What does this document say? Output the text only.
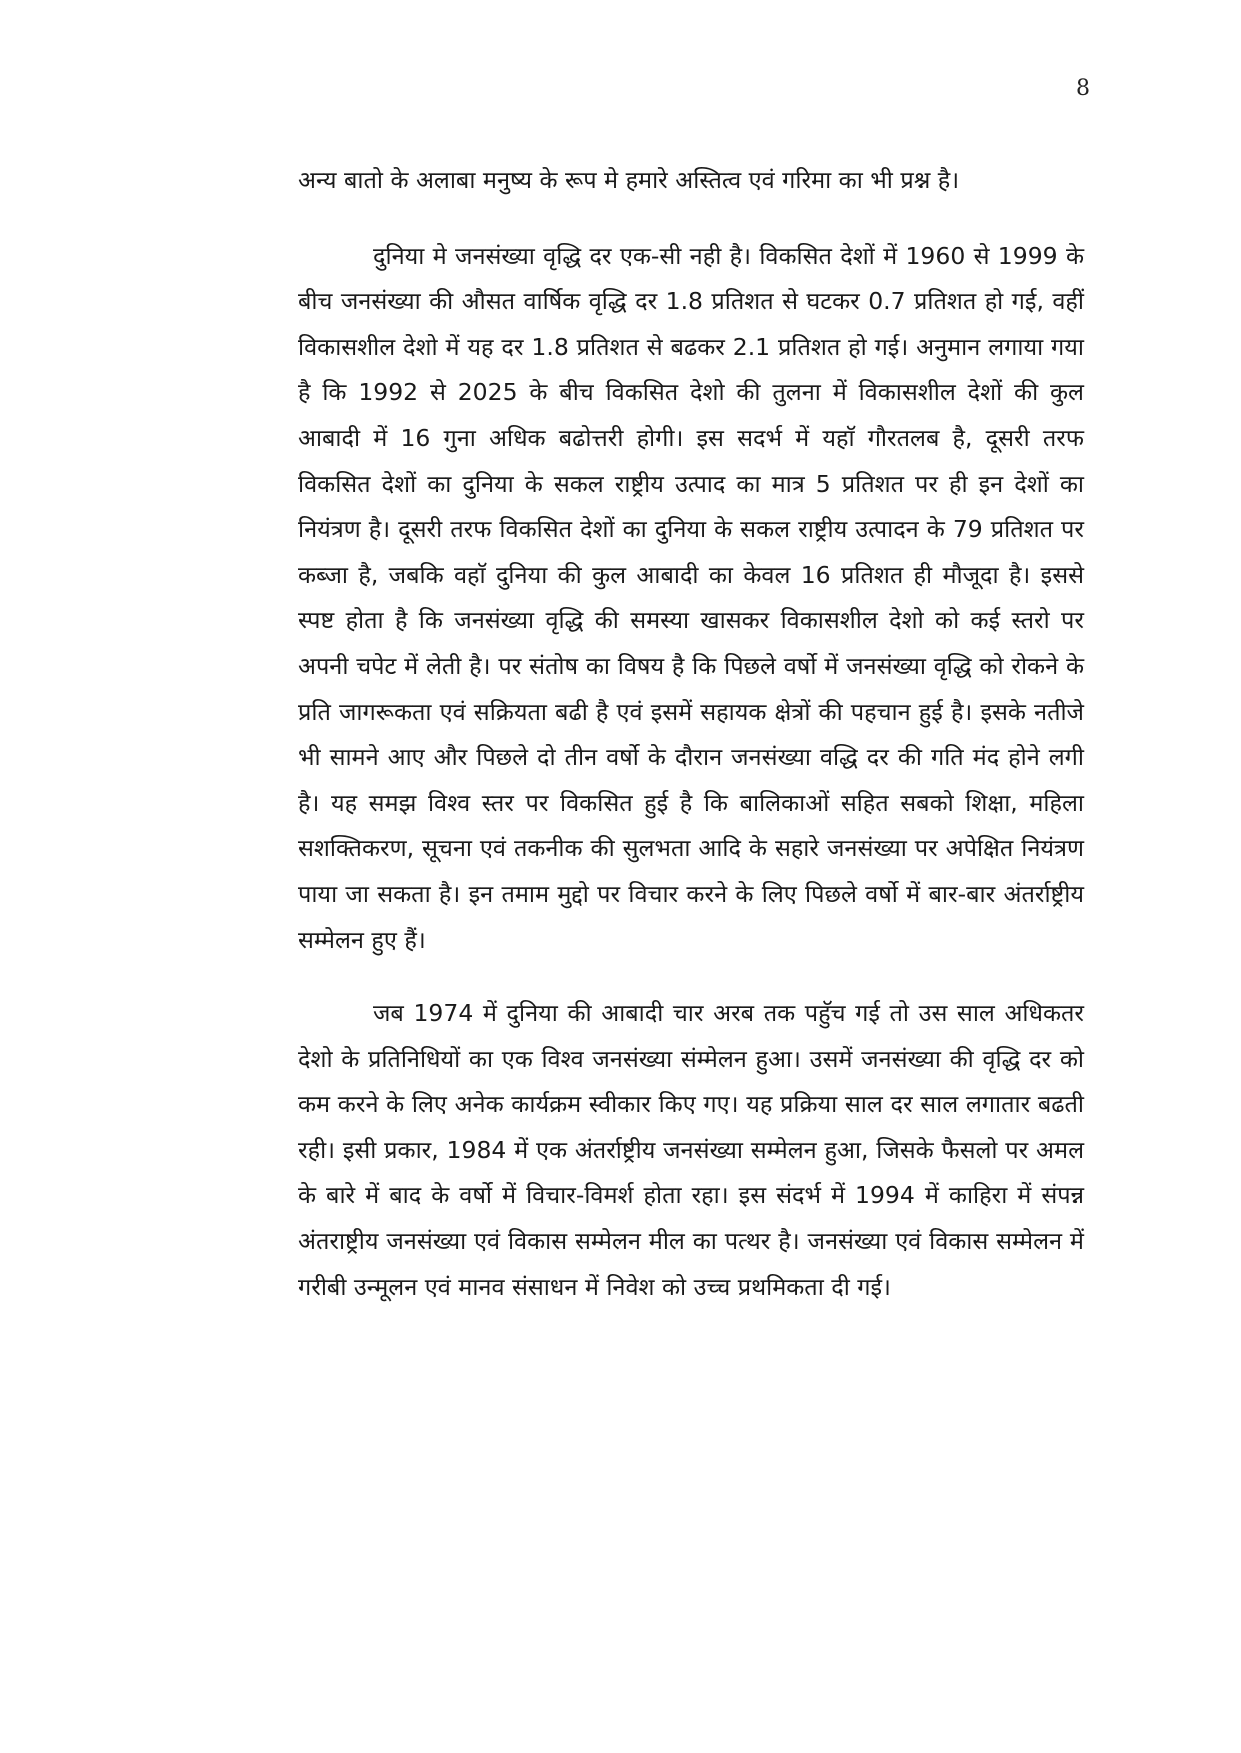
8

अन्य बातो के अलाबा मनुष्य के रूप मे हमारे अस्तित्व एवं गरिमा का भी प्रश्न है।

दुनिया मे जनसंख्या वृद्धि दर एक-सी नही है। विकसित देशों में 1960 से 1999 के बीच जनसंख्या की औसत वार्षिक वृद्धि दर 1.8 प्रतिशत से घटकर 0.7 प्रतिशत हो गई, वहीं विकासशील देशो में यह दर 1.8 प्रतिशत से बढकर 2.1 प्रतिशत हो गई। अनुमान लगाया गया है कि 1992 से 2025 के बीच विकसित देशो की तुलना में विकासशील देशों की कुल आबादी में 16 गुना अधिक बढोत्तरी होगी। इस सदर्भ में यहाॅ गौरतलब है, दूसरी तरफ विकसित देशों का दुनिया के सकल राष्ट्रीय उत्पाद का मात्र 5 प्रतिशत पर ही इन देशों का नियंत्रण है। दूसरी तरफ विकसित देशों का दुनिया के सकल राष्ट्रीय उत्पादन के 79 प्रतिशत पर कब्जा है, जबकि वहाॅ दुनिया की कुल आबादी का केवल 16 प्रतिशत ही मौजूदा है। इससे स्पष्ट होता है कि जनसंख्या वृद्धि की समस्या खासकर विकासशील देशो को कई स्तरो पर अपनी चपेट में लेती है। पर संतोष का विषय है कि पिछले वर्षो में जनसंख्या वृद्धि को रोकने के प्रति जागरूकता एवं सक्रियता बढी है एवं इसमें सहायक क्षेत्रों की पहचान हुई है। इसके नतीजे भी सामने आए और पिछले दो तीन वर्षो के दौरान जनसंख्या वद्धि दर की गति मंद होने लगी है। यह समझ विश्व स्तर पर विकसित हुई है कि बालिकाओं सहित सबको शिक्षा, महिला सशक्तिकरण, सूचना एवं तकनीक की सुलभता आदि के सहारे जनसंख्या पर अपेक्षित नियंत्रण पाया जा सकता है। इन तमाम मुद्दो पर विचार करने के लिए पिछले वर्षो में बार-बार अंतर्राष्ट्रीय सम्मेलन हुए हैं।

जब 1974 में दुनिया की आबादी चार अरब तक पहुॅच गई तो उस साल अधिकतर देशो के प्रतिनिधियों का एक विश्व जनसंख्या संम्मेलन हुआ। उसमें जनसंख्या की वृद्धि दर को कम करने के लिए अनेक कार्यक्रम स्वीकार किए गए। यह प्रक्रिया साल दर साल लगातार बढती रही। इसी प्रकार, 1984 में एक अंतर्राष्ट्रीय जनसंख्या सम्मेलन हुआ, जिसके फैसलो पर अमल के बारे में बाद के वर्षो में विचार-विमर्श होता रहा। इस संदर्भ में 1994 में काहिरा में संपन्न अंतराष्ट्रीय जनसंख्या एवं विकास सम्मेलन मील का पत्थर है। जनसंख्या एवं विकास सम्मेलन में गरीबी उन्मूलन एवं मानव संसाधन में निवेश को उच्च प्रथमिकता दी गई।
